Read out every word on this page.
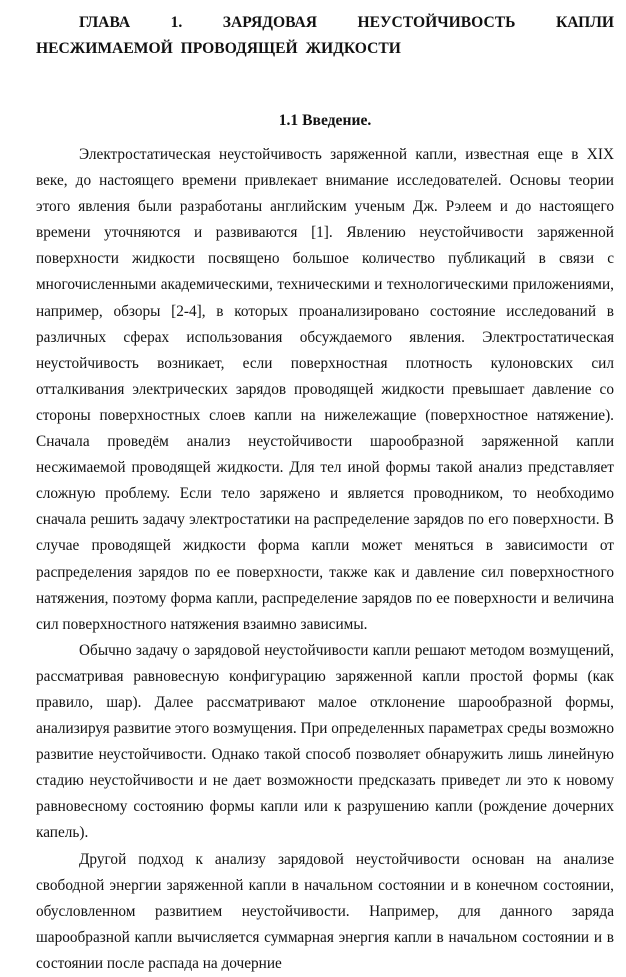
ГЛАВА 1. ЗАРЯДОВАЯ НЕУСТОЙЧИВОСТЬ КАПЛИ НЕСЖИМАЕМОЙ ПРОВОДЯЩЕЙ ЖИДКОСТИ

1.1 Введение.

Электростатическая неустойчивость заряженной капли, известная еще в XIX веке, до настоящего времени привлекает внимание исследователей. Основы теории этого явления были разработаны английским ученым Дж. Рэлеем и до настоящего времени уточняются и развиваются [1]. Явлению неустойчивости заряженной поверхности жидкости посвящено большое количество публикаций в связи с многочисленными академическими, техническими и технологическими приложениями, например, обзоры [2-4], в которых проанализировано состояние исследований в различных сферах использования обсуждаемого явления. Электростатическая неустойчивость возникает, если поверхностная плотность кулоновских сил отталкивания электрических зарядов проводящей жидкости превышает давление со стороны поверхностных слоев капли на нижележащие (поверхностное натяжение). Сначала проведём анализ неустойчивости шарообразной заряженной капли несжимаемой проводящей жидкости. Для тел иной формы такой анализ представляет сложную проблему. Если тело заряжено и является проводником, то необходимо сначала решить задачу электростатики на распределение зарядов по его поверхности. В случае проводящей жидкости форма капли может меняться в зависимости от распределения зарядов по ее поверхности, также как и давление сил поверхностного натяжения, поэтому форма капли, распределение зарядов по ее поверхности и величина сил поверхностного натяжения взаимно зависимы.

Обычно задачу о зарядовой неустойчивости капли решают методом возмущений, рассматривая равновесную конфигурацию заряженной капли простой формы (как правило, шар). Далее рассматривают малое отклонение шарообразной формы, анализируя развитие этого возмущения. При определенных параметрах среды возможно развитие неустойчивости. Однако такой способ позволяет обнаружить лишь линейную стадию неустойчивости и не дает возможности предсказать приведет ли это к новому равновесному состоянию формы капли или к разрушению капли (рождение дочерних капель).

Другой подход к анализу зарядовой неустойчивости основан на анализе свободной энергии заряженной капли в начальном состоянии и в конечном состоянии, обусловленном развитием неустойчивости. Например, для данного заряда шарообразной капли вычисляется суммарная энергия капли в начальном состоянии и в состоянии после распада на дочерние
